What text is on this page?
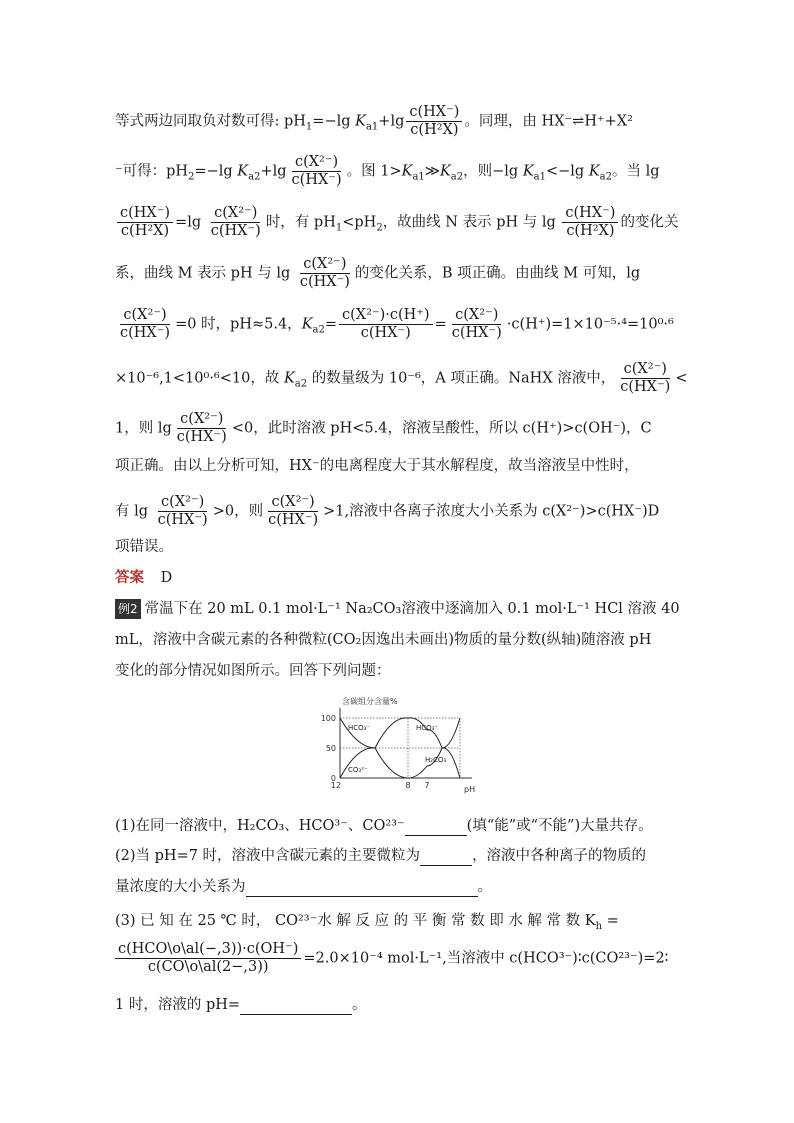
等式两边同取负对数可得: $pH_1=-\lg$ $K_{a1}+\lg \frac{c(HX^-)}{\text{c(H²X)}}$ 。同理，由 HX⁻⇌H⁺+X²
⁻可得：$pH_2=-\lg$ $K_{a2}+\lg \frac{\text{c(X²⁻)}}{c(HX^-)}$ 。图 $1>K_{a1}≫K_{a2}$，则−lg $K_{a1}<-\lg$ $K_{a2}$。当 lg
$\frac{c(HX^-)}{\text{c(H²X)}} =\lg \frac{\text{c(X²⁻)}}{c(HX^-)}$ 时，有 $pH_1<pH_2$，故曲线 N 表示 pH 与 $\lg \frac{c(HX^-)}{\text{c(H²X)}}$ 的变化关
系，曲线 M 表示 pH 与 $\lg \frac{\text{c(X²⁻)}}{c(HX^-)}$ 的变化关系，B 项正确。由曲线 M 可知，lg
$\frac{\text{c(X²⁻)}}{c(HX^-)} =0$ 时，pH≈5.4，$K_{a2}= \frac{\text{c(X²⁻)·c(H⁺)}}{c(HX^-)} = \frac{\text{c(X²⁻)}}{c(HX^-)} \cdot c(H^+)=1\times 10^{-5}\cdot^4=10^0\cdot^6$
×10⁻⁶,1<10⁰·⁶<10，故 $K_{a2}$ 的数量级为 10⁻⁶，A 项正确。NaHX 溶液中， $\frac{\text{c(X²⁻)}}{c(HX^-)}$ <
1，则 $\lg \frac{\text{c(X²⁻)}}{c(HX^-)} <0$，此时溶液 pH<5.4，溶液呈酸性，所以 c(H⁺)>c(OH⁻)，C
项正确。由以上分析可知，HX⁻的电离程度大于其水解程度，故当溶液呈中性时，
有 $\lg \frac{\text{c(X²⁻)}}{c(HX^-)} >0$，则 $\frac{\text{c(X²⁻)}}{c(HX^-)} >1$,溶液中各离子浓度大小关系为 c(X²⁻)>c(HX⁻)D
项错误。
答案 D
例2 常温下在 20 mL 0.1 mol·L⁻¹ Na₂CO₃溶液中逐滴加入 0.1 mol·L⁻¹ HCl 溶液 40
mL，溶液中含碳元素的各种微粒(CO₂因逸出未画出)物质的量分数(纵轴)随溶液 pH
变化的部分情况如图所示。回答下列问题：
含碳组分含量%
pH
100
50
0
12	8 7
HCO₃⁻
CO₃²⁻
HCO₃⁻
H₂CO₃
(1)在同一溶液中，H₂CO₃、HCO³⁻、CO²³⁻	(填“能”或“不能”)大量共存。
(2)当 pH=7 时，溶液中含碳元素的主要微粒为	，溶液中各种离子的物质的
量浓度的大小关系为	。
(3) 已 知 在 25 ℃ 时， CO²³⁻水 解 反 应 的 平 衡 常 数 即 水 解 常 数 $K_h$ =
c(HCO\o\al(−,3))·c(OH⁻)
c(CO\o\al(2−,3))
=2.0×10⁻⁴ mol·L⁻¹,当溶液中 c(HCO³⁻)∶c(CO²³⁻)=2∶
1 时，溶液的 pH=	。
